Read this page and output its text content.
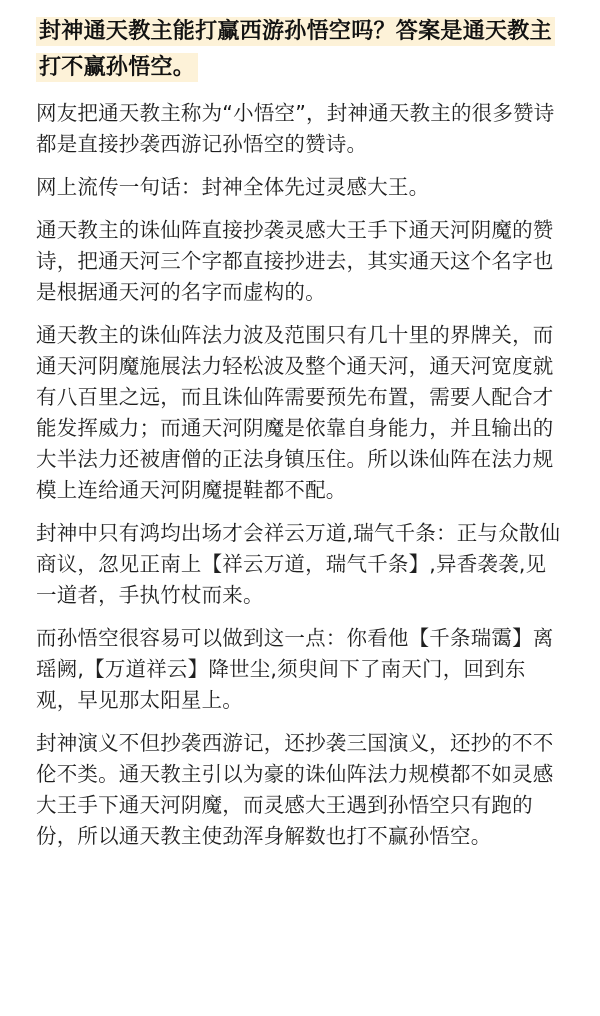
封神通天教主能打赢西游孙悟空吗？答案是通天教主打不赢孙悟空。

网友把通天教主称为“小悟空”，封神通天教主的很多赞诗都是直接抄袭西游记孙悟空的赞诗。

网上流传一句话：封神全体先过灵感大王。

通天教主的诛仙阵直接抄袭灵感大王手下通天河阴魔的赞诗，把通天河三个字都直接抄进去，其实通天这个名字也是根据通天河的名字而虚构的。

通天教主的诛仙阵法力波及范围只有几十里的界牌关，而通天河阴魔施展法力轻松波及整个通天河，通天河宽度就有八百里之远，而且诛仙阵需要预先布置，需要人配合才能发挥威力；而通天河阴魔是依靠自身能力，并且输出的大半法力还被唐僧的正法身镇压住。所以诛仙阵在法力规模上连给通天河阴魔提鞋都不配。

封神中只有鸿均出场才会祥云万道,瑞气千条：正与众散仙商议，忽见正南上【祥云万道，瑞气千条】,异香袭袭,见一道者，手执竹杖而来。

而孙悟空很容易可以做到这一点：你看他【千条瑞霭】离瑶阙,【万道祥云】降世尘,须臾间下了南天门，回到东观，早见那太阳星上。

封神演义不但抄袭西游记，还抄袭三国演义，还抄的不不伦不类。通天教主引以为豪的诛仙阵法力规模都不如灵感大王手下通天河阴魔，而灵感大王遇到孙悟空只有跑的份，所以通天教主使劲浑身解数也打不赢孙悟空。
